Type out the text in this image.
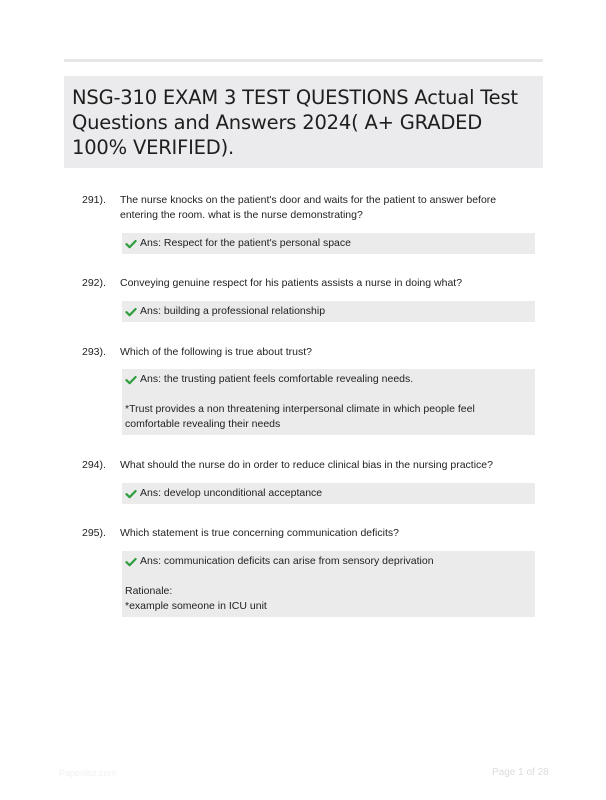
NSG-310 EXAM 3 TEST QUESTIONS Actual Test Questions and Answers 2024( A+ GRADED 100% VERIFIED).
291). The nurse knocks on the patient's door and waits for the patient to answer before entering the room. what is the nurse demonstrating?
Ans: Respect for the patient's personal space
292). Conveying genuine respect for his patients assists a nurse in doing what?
Ans: building a professional relationship
293). Which of the following is true about trust?
Ans: the trusting patient feels comfortable revealing needs.
*Trust provides a non threatening interpersonal climate in which people feel comfortable revealing their needs
294). What should the nurse do in order to reduce clinical bias in the nursing practice?
Ans: develop unconditional acceptance
295). Which statement is true concerning communication deficits?
Ans: communication deficits can arise from sensory deprivation
Rationale:
*example someone in ICU unit
Paperlibz.com	Page 1 of 28
